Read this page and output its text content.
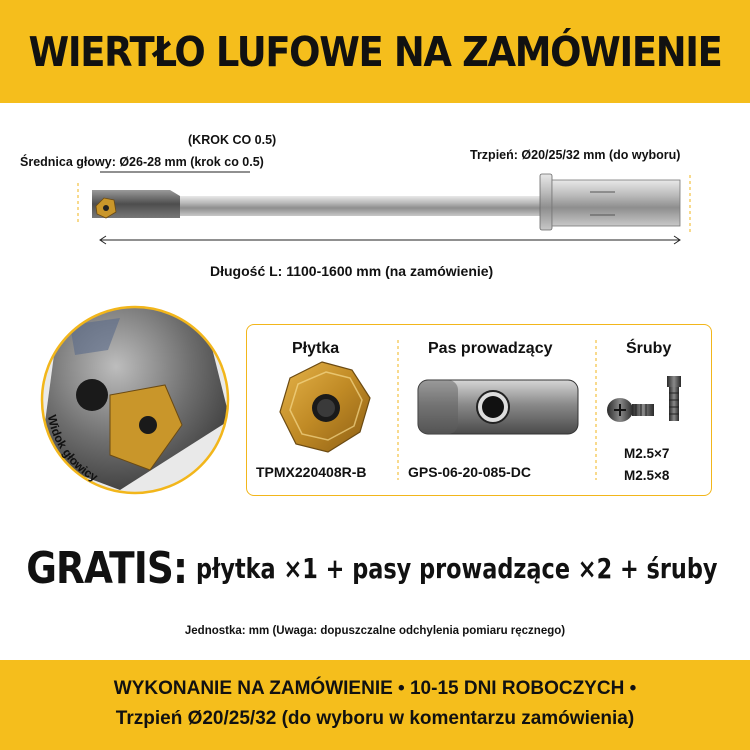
WIERTŁO LUFOWE NA ZAMÓWIENIE
(KROK CO 0.5)
Średnica głowy: Ø26-28 mm (krok co 0.5)	Trzpień: Ø20/25/32 mm (do wyboru)
Długość L: 1100-1600 mm (na zamówienie)
Widok głowicy
Płytka	Pas prowadzący	Śruby
TPMX220408R-B	GPS-06-20-085-DC
M2.5×7
M2.5×8
GRATIS: płytka ×1 + pasy prowadzące ×2 + śruby
Jednostka: mm (Uwaga: dopuszczalne odchylenia pomiaru ręcznego)
WYKONANIE NA ZAMÓWIENIE • 10-15 DNI ROBOCZYCH •
Trzpień Ø20/25/32 (do wyboru w komentarzu zamówienia)
